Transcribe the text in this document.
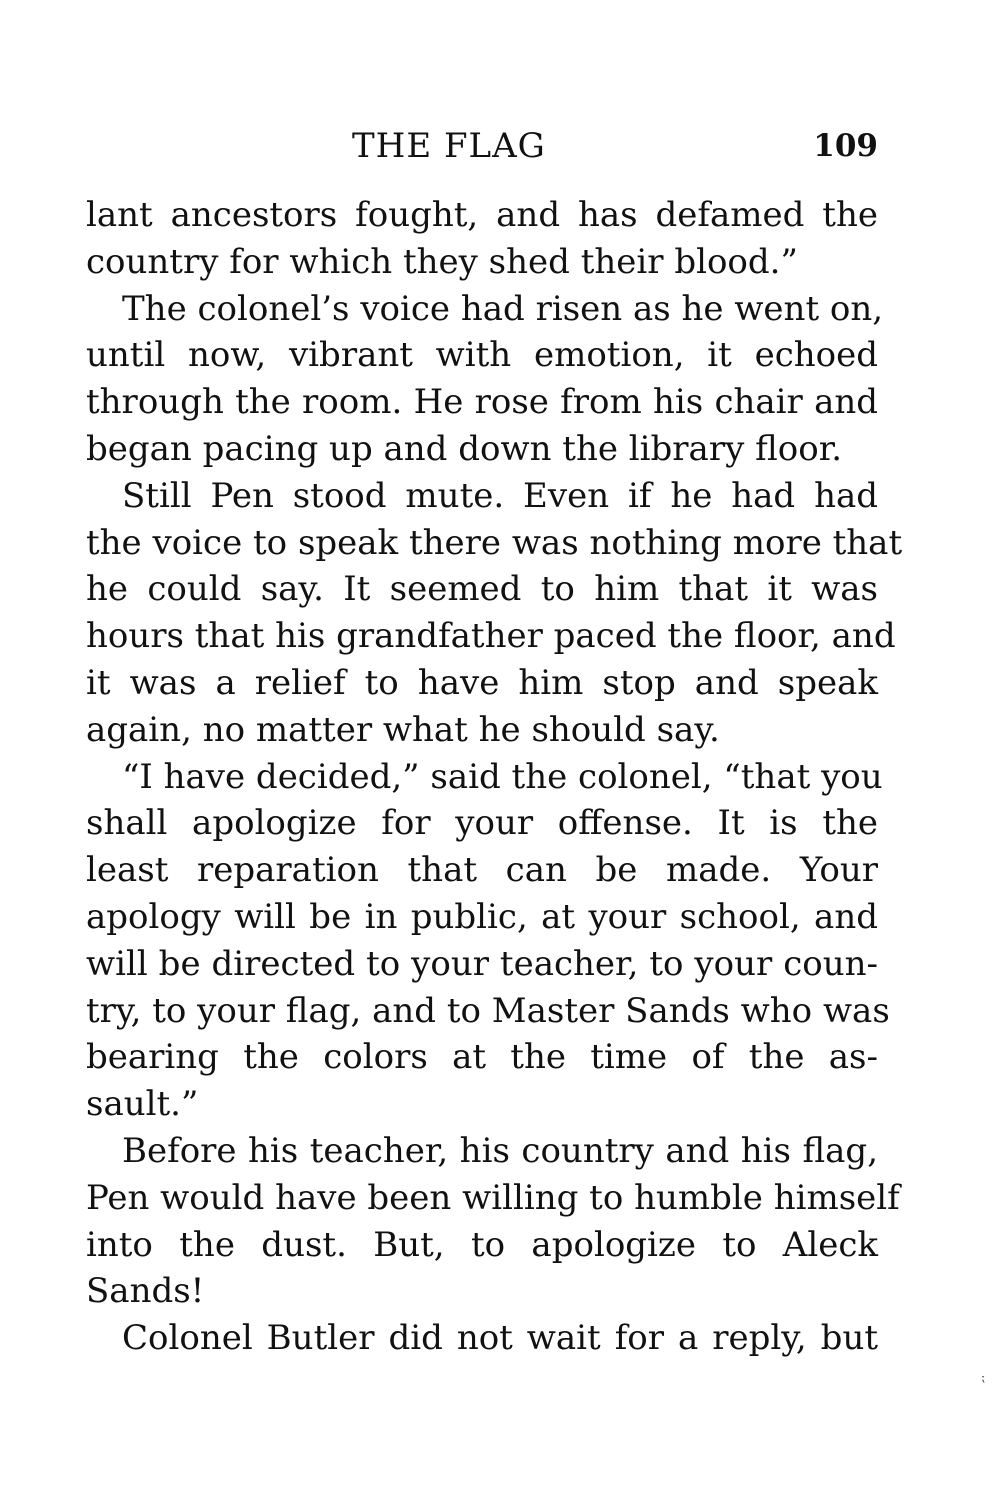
THE FLAG	109
lant ancestors fought, and has defamed the
country for which they shed their blood.”
The colonel’s voice had risen as he went on,
until now, vibrant with emotion, it echoed
through the room. He rose from his chair and
began pacing up and down the library floor.
Still Pen stood mute. Even if he had had
the voice to speak there was nothing more that
he could say. It seemed to him that it was
hours that his grandfather paced the floor, and
it was a relief to have him stop and speak
again, no matter what he should say.
“I have decided,” said the colonel, “that you
shall apologize for your offense. It is the
least reparation that can be made. Your
apology will be in public, at your school, and
will be directed to your teacher, to your coun-
try, to your flag, and to Master Sands who was
bearing the colors at the time of the as-
sault.”
Before his teacher, his country and his flag,
Pen would have been willing to humble himself
into the dust. But, to apologize to Aleck
Sands!
Colonel Butler did not wait for a reply, but
⁏
